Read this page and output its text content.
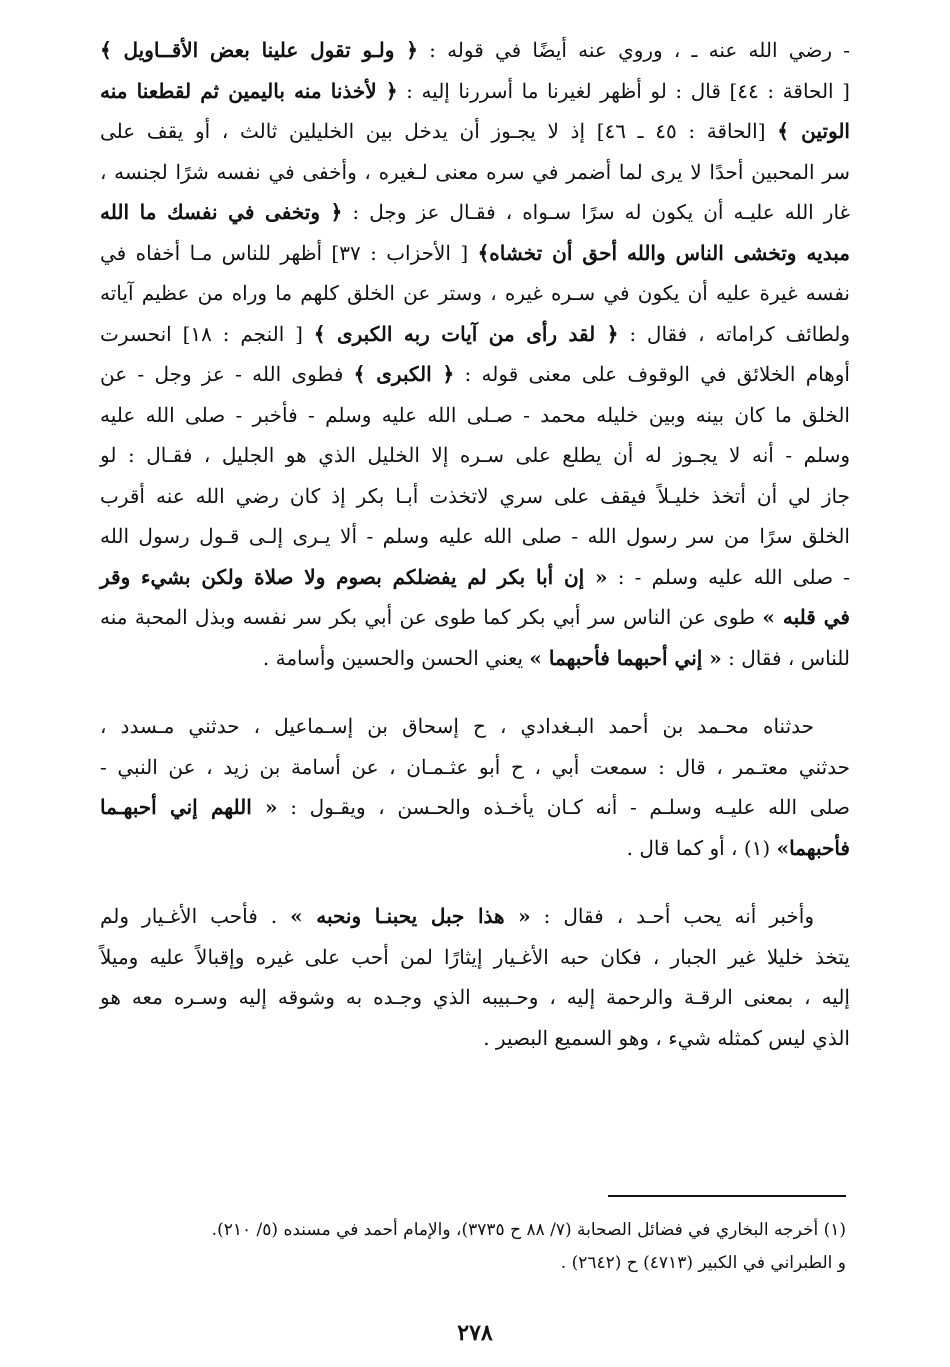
- رضي الله عنه ـ ، وروي عنه أيضًا في قوله : ﴿ ولـو تقول علينا بعض الأقــاويل ﴾
[ الحاقة : ٤٤] قال : لو أظهر لغيرنا ما أسررنا إليه : ﴿ لأخذنا منه باليمين ثم لقطعنا منه
الوتين ﴾ [الحاقة : ٤٥ ـ ٤٦] إذ لا يجـوز أن يدخل بين الخليلين ثالث ، أو يقف على
سر المحبين أحدًا لا يرى لما أضمر في سره معنى لـغيره ، وأخفى في نفسه شرًا لجنسه ،
غار الله عليـه أن يكون له سرًا سـواه ، فقـال عز وجل : ﴿ وتخفى في نفسك ما الله
مبديه وتخشى الناس والله أحق أن تخشاه﴾ [ الأحزاب : ٣٧] أظهر للناس مـا أخفاه في
نفسه غيرة عليه أن يكون في سـره غيره ، وستر عن الخلق كلهم ما وراه من عظيم آياته
ولطائف كراماته ، فقال : ﴿ لقد رأى من آيات ربه الكبرى ﴾ [ النجم : ١٨] انحسرت
أوهام الخلائق في الوقوف على معنى قوله : ﴿ الكبرى ﴾ فطوى الله - عز وجل - عن
الخلق ما كان بينه وبين خليله محمد - صـلى الله عليه وسلم - فأخبر - صلى الله عليه
وسلم - أنه لا يجـوز له أن يطلع على سـره إلا الخليل الذي هو الجليل ، فقـال : لو
جاز لي أن أتخذ خليـلاً فيقف على سري لاتخذت أبـا بكر إذ كان رضي الله عنه أقرب
الخلق سرًا من سر رسول الله - صلى الله عليه وسلم - ألا يـرى إلـى قـول رسول الله
- صلى الله عليه وسلم - : « إن أبا بكر لم يفضلكم بصوم ولا صلاة ولكن بشيء وقر
في قلبه » طوى عن الناس سر أبي بكر كما طوى عن أبي بكر سر نفسه وبذل المحبة منه
للناس ، فقال : « إني أحبهما فأحبهما » يعني الحسن والحسين وأسامة .
حدثناه محـمد بن أحمد البـغدادي ، ح إسحاق بن إسـماعيل ، حدثني مـسدد ،
حدثني معتـمر ، قال : سمعت أبي ، ح أبو عثـمـان ، عن أسامة بن زيد ، عن النبي -
صلى الله عليـه وسلـم - أنه كـان يأخـذه والحـسن ، ويقـول : « اللهم إني أحبهـما
فأحبهما» (١) ، أو كما قال .
وأخبر أنه يحب أحـد ، فقال : « هذا جبل يحبنـا ونحبه » . فأحب الأغـيار ولم
يتخذ خليلا غير الجبار ، فكان حبه الأغـيار إيثارًا لمن أحب على غيره وإقبالاً عليه وميلاً
إليه ، بمعنى الرقـة والرحمة إليه ، وحـبيبه الذي وجـده به وشوقه إليه وسـره معه هو
الذي ليس كمثله شيء ، وهو السميع البصير .
(١) أخرجه البخاري في فضائل الصحابة (٧/ ٨٨ ح ٣٧٣٥)، والإمام أحمد في مسنده (٥/ ٢١٠).
و الطبراني في الكبير (٤٧١٣) ح (٢٦٤٢) .
٢٧٨
